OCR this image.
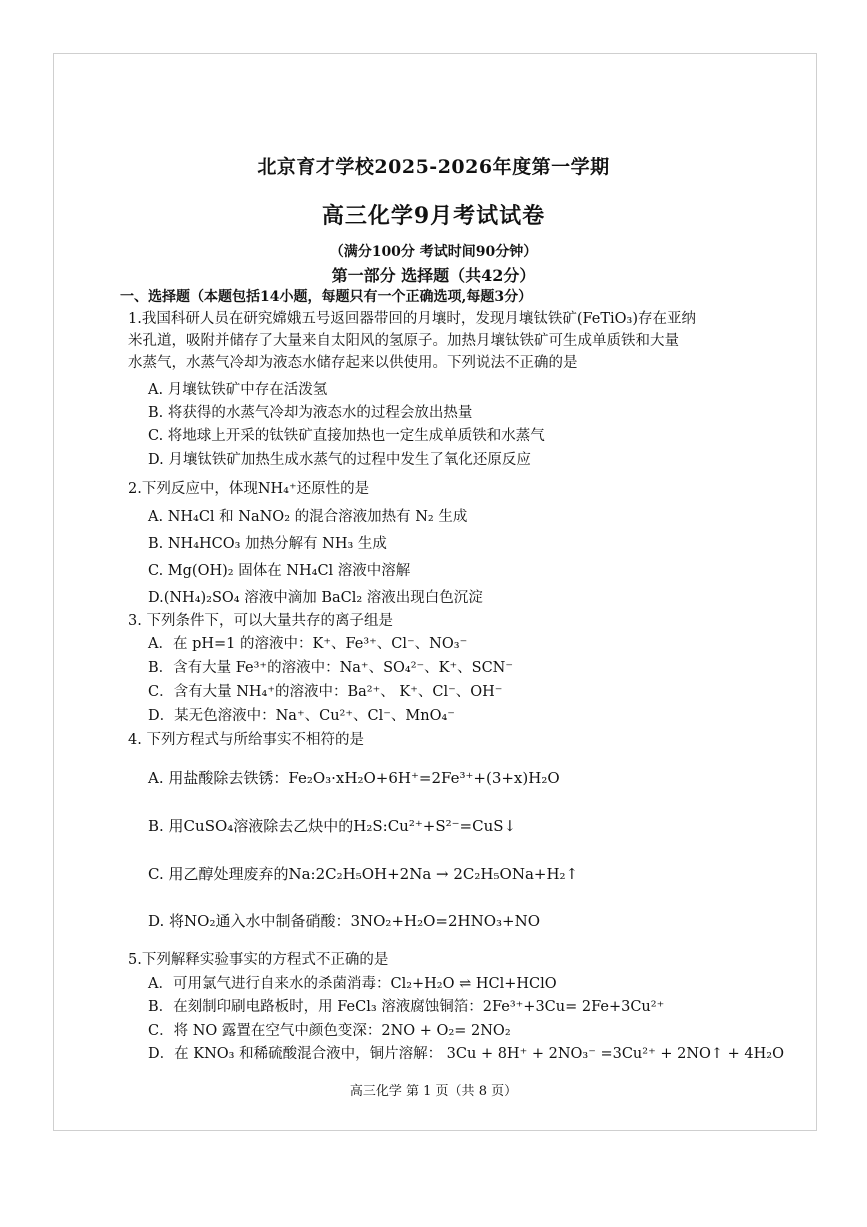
北京育才学校2025-2026年度第一学期
高三化学9月考试试卷
（满分100分 考试时间90分钟）
第一部分 选择题（共42分）
一、选择题（本题包括14小题，每题只有一个正确选项,每题3分）
1.我国科研人员在研究嫦娥五号返回器带回的月壤时，发现月壤钛铁矿(FeTiO₃)存在亚纳
米孔道，吸附并储存了大量来自太阳风的氢原子。加热月壤钛铁矿可生成单质铁和大量
水蒸气，水蒸气冷却为液态水储存起来以供使用。下列说法不正确的是
A. 月壤钛铁矿中存在活泼氢
B. 将获得的水蒸气冷却为液态水的过程会放出热量
C. 将地球上开采的钛铁矿直接加热也一定生成单质铁和水蒸气
D. 月壤钛铁矿加热生成水蒸气的过程中发生了氧化还原反应
2.下列反应中，体现NH₄⁺还原性的是
A. NH₄Cl 和 NaNO₂ 的混合溶液加热有 N₂ 生成
B. NH₄HCO₃ 加热分解有 NH₃ 生成
C. Mg(OH)₂ 固体在 NH₄Cl 溶液中溶解
D.(NH₄)₂SO₄ 溶液中滴加 BaCl₂ 溶液出现白色沉淀
3. 下列条件下，可以大量共存的离子组是
A．在 pH=1 的溶液中：K⁺、Fe³⁺、Cl⁻、NO₃⁻
B．含有大量 Fe³⁺的溶液中：Na⁺、SO₄²⁻、K⁺、SCN⁻
C．含有大量 NH₄⁺的溶液中：Ba²⁺、 K⁺、Cl⁻、OH⁻
D．某无色溶液中：Na⁺、Cu²⁺、Cl⁻、MnO₄⁻
4. 下列方程式与所给事实不相符的是
A. 用盐酸除去铁锈：Fe₂O₃·xH₂O+6H⁺=2Fe³⁺+(3+x)H₂O
B. 用CuSO₄溶液除去乙炔中的H₂S:Cu²⁺+S²⁻=CuS↓
C. 用乙醇处理废弃的Na:2C₂H₅OH+2Na → 2C₂H₅ONa+H₂↑
D. 将NO₂通入水中制备硝酸：3NO₂+H₂O=2HNO₃+NO
5.下列解释实验事实的方程式不正确的是
A．可用氯气进行自来水的杀菌消毒：Cl₂+H₂O ⇌ HCl+HClO
B．在刻制印刷电路板时，用 FeCl₃ 溶液腐蚀铜箔：2Fe³⁺+3Cu= 2Fe+3Cu²⁺
C．将 NO 露置在空气中颜色变深：2NO + O₂= 2NO₂
D．在 KNO₃ 和稀硫酸混合液中，铜片溶解： 3Cu + 8H⁺ + 2NO₃⁻ =3Cu²⁺ + 2NO↑ + 4H₂O
高三化学 第 1 页（共 8 页）
